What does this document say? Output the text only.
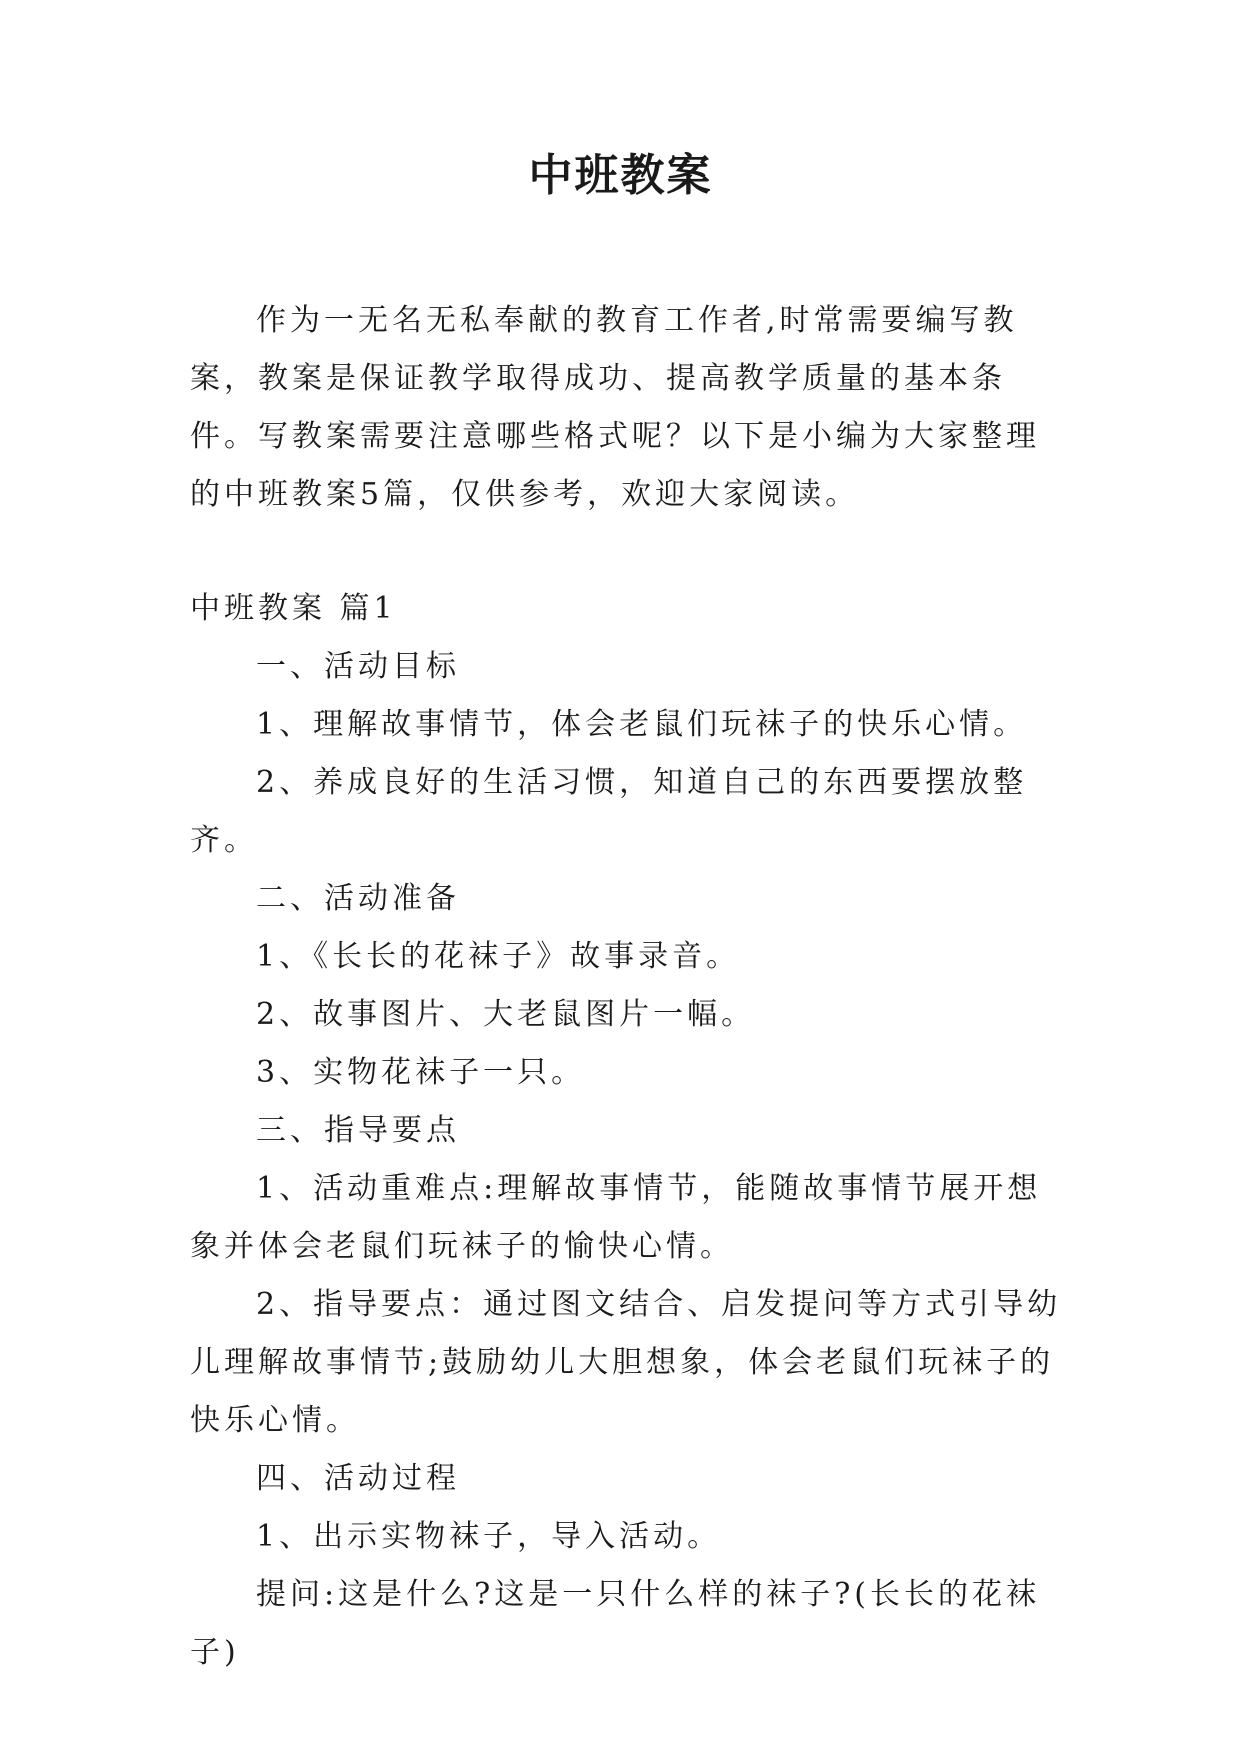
中班教案

作为一无名无私奉献的教育工作者,时常需要编写教案，教案是保证教学取得成功、提高教学质量的基本条件。写教案需要注意哪些格式呢？以下是小编为大家整理的中班教案5篇，仅供参考，欢迎大家阅读。

中班教案 篇1

一、活动目标

1、理解故事情节，体会老鼠们玩袜子的快乐心情。

2、养成良好的生活习惯，知道自己的东西要摆放整齐。

二、活动准备

1、《长长的花袜子》故事录音。

2、故事图片、大老鼠图片一幅。

3、实物花袜子一只。

三、指导要点

1、活动重难点:理解故事情节，能随故事情节展开想象并体会老鼠们玩袜子的愉快心情。

2、指导要点：通过图文结合、启发提问等方式引导幼儿理解故事情节;鼓励幼儿大胆想象，体会老鼠们玩袜子的快乐心情。

四、活动过程

1、出示实物袜子，导入活动。

提问:这是什么?这是一只什么样的袜子?(长长的花袜子)
